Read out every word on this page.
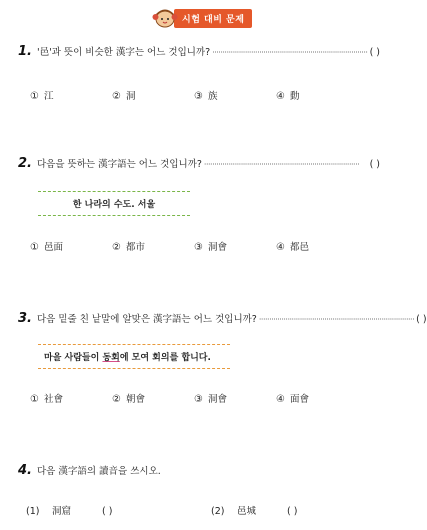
시험 대비 문제
1. '邑'과 뜻이 비슷한 漢字는 어느 것입니까? ············································································ ( )
① 江	② 洞	③ 族	④ 動
2. 다음을 뜻하는 漢字語는 어느 것입니까? ············································································	( )
한 나라의 수도. 서울
① 邑面	② 都市	③ 洞會	④ 都邑
3. 다음 밑줄 친 낱말에 알맞은 漢字語는 어느 것입니까? ············································································ ( )
마을 사람들이 동회에 모여 회의를 합니다.
① 社會	② 朝會	③ 洞會	④ 面會
4. 다음 漢字語의 讀音을 쓰시오.
(1)	洞窟	( )	(2)	邑城	( )
